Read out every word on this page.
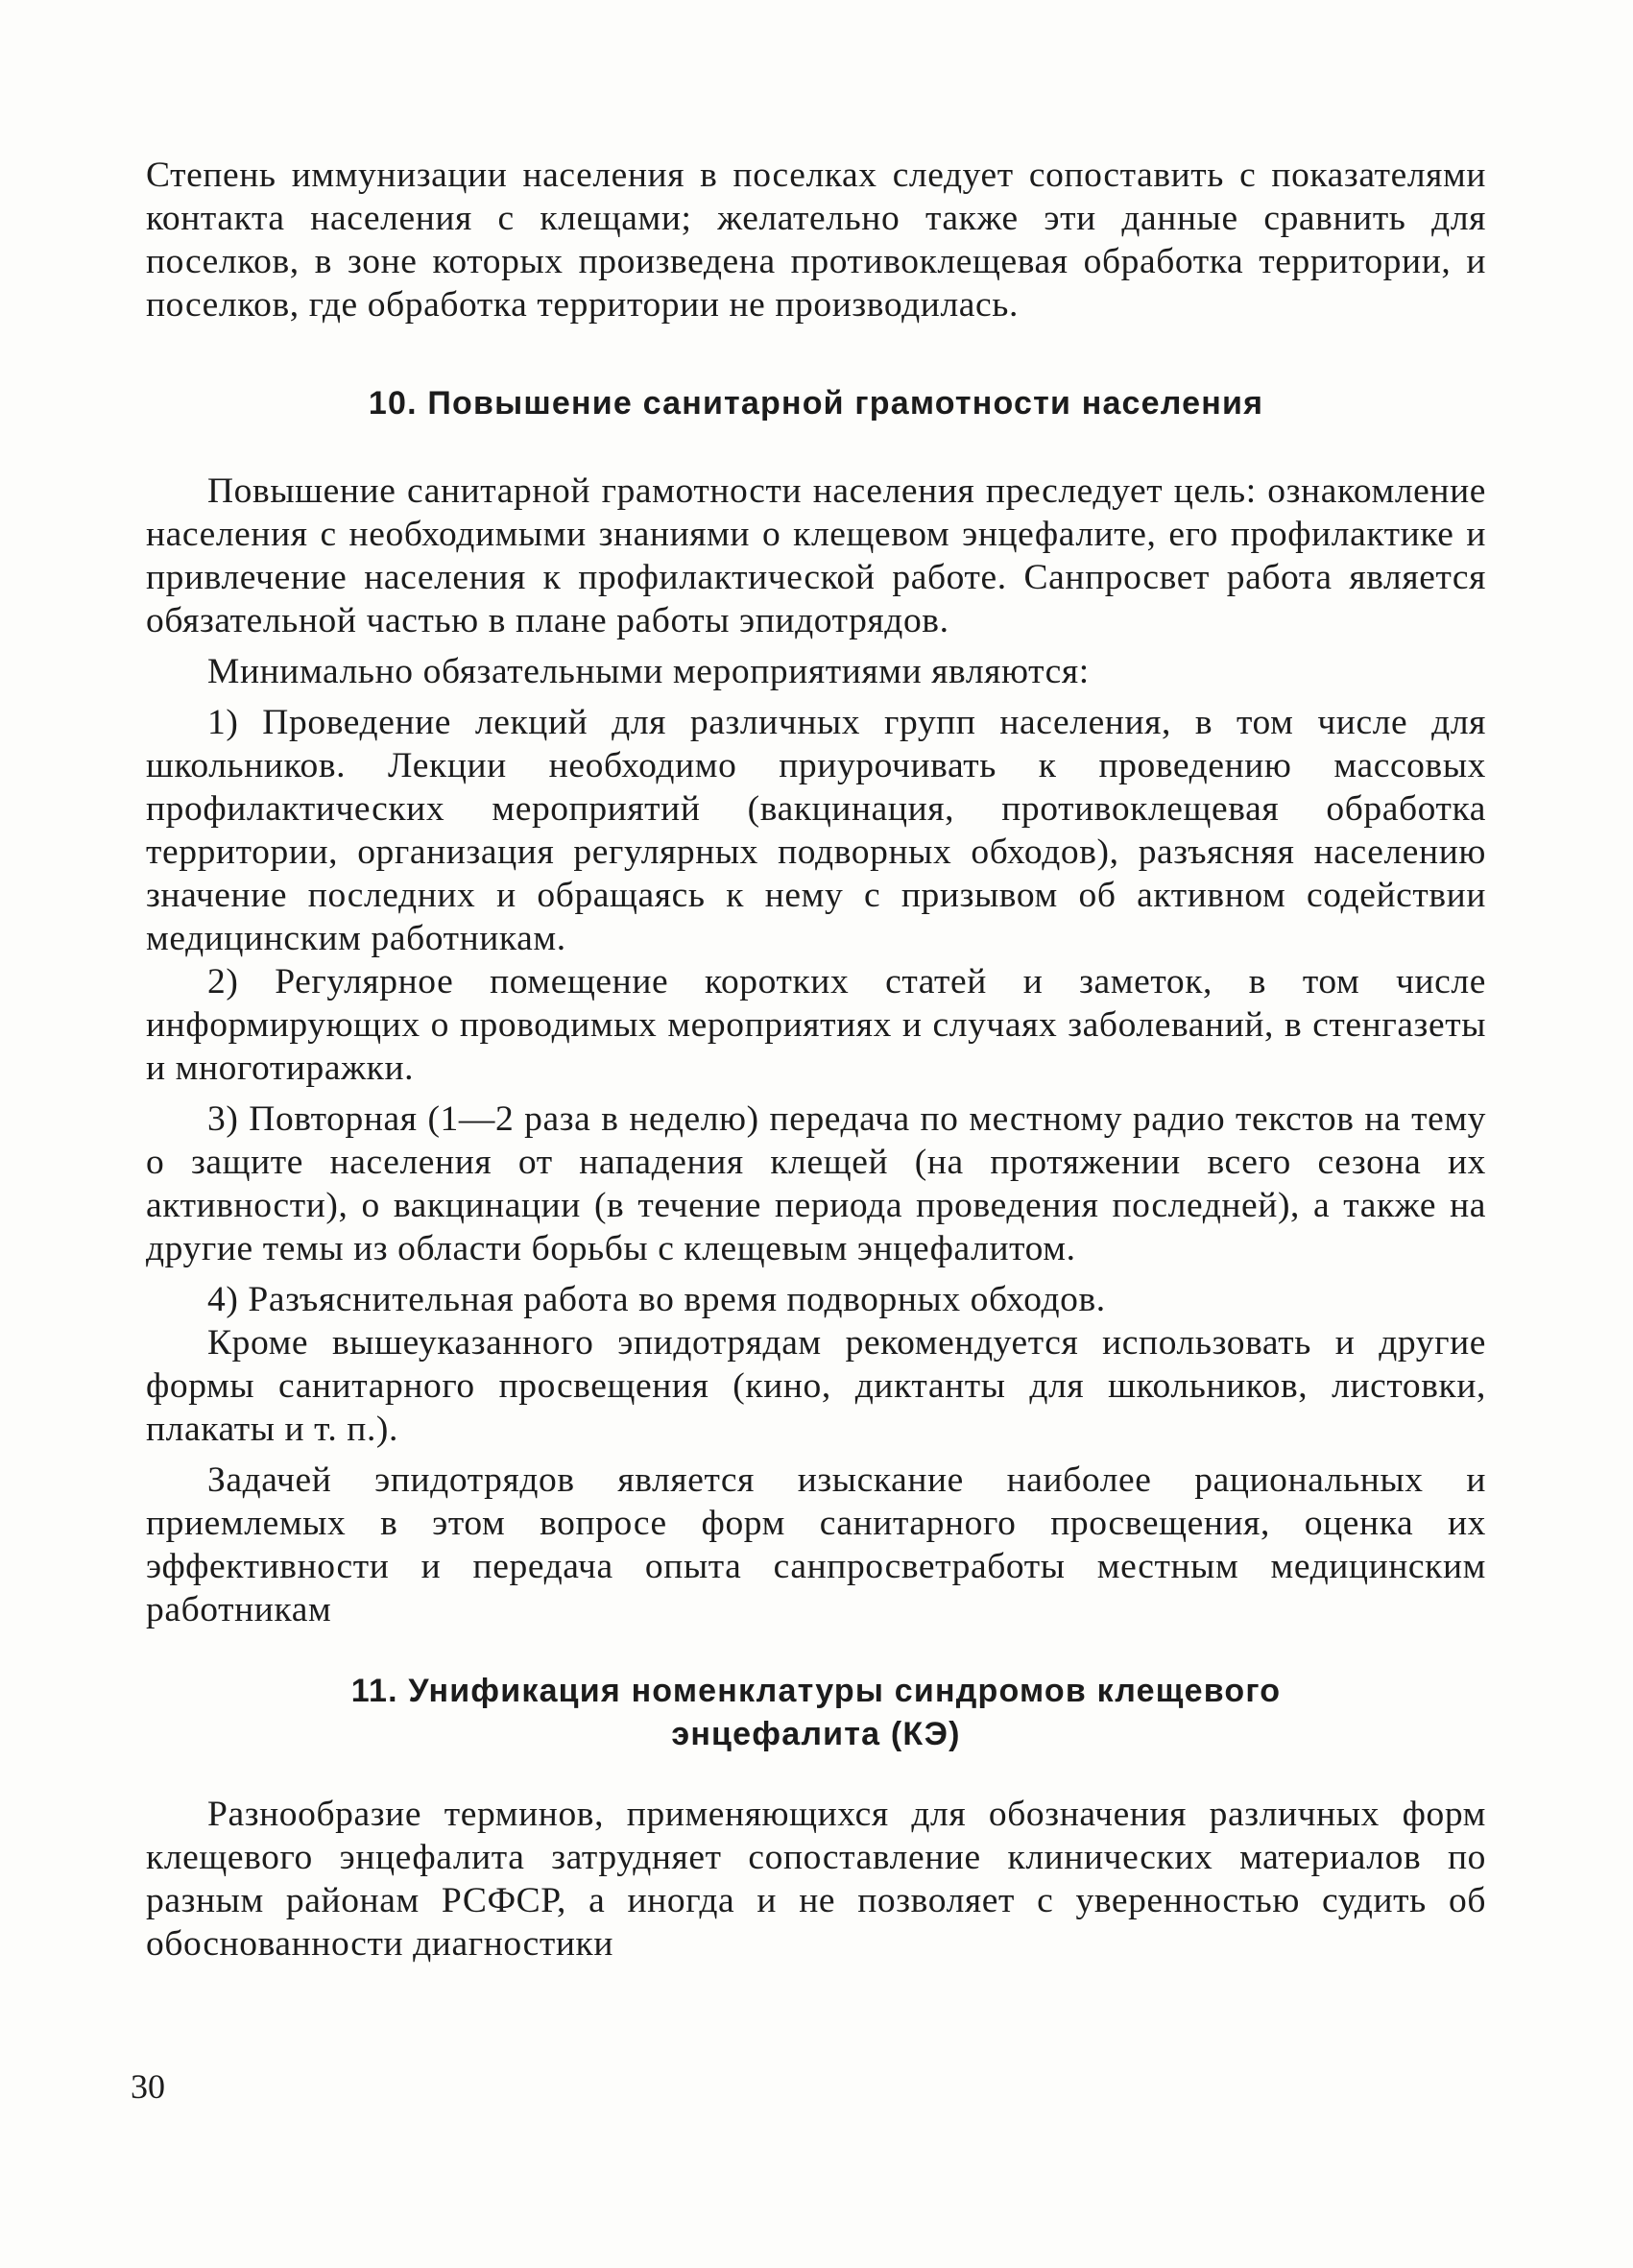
Степень иммунизации населения в поселках следует сопоставить с показателями контакта населения с клещами; желательно также эти данные сравнить для поселков, в зоне которых произведена противоклещевая обработка территории, и поселков, где обработка территории не производилась.

10. Повышение санитарной грамотности населения

Повышение санитарной грамотности населения преследует цель: ознакомление населения с необходимыми знаниями о клещевом энцефалите, его профилактике и привлечение населения к профилактической работе. Санпросвет работа является обязательной частью в плане работы эпидотрядов.

Минимально обязательными мероприятиями являются:

1) Проведение лекций для различных групп населения, в том числе для школьников. Лекции необходимо приурочивать к проведению массовых профилактических мероприятий (вакцинация, противоклещевая обработка территории, организация регулярных подворных обходов), разъясняя населению значение последних и обращаясь к нему с призывом об активном содействии медицинским работникам.

2) Регулярное помещение коротких статей и заметок, в том числе информирующих о проводимых мероприятиях и случаях заболеваний, в стенгазеты и многотиражки.

3) Повторная (1—2 раза в неделю) передача по местному радио текстов на тему о защите населения от нападения клещей (на протяжении всего сезона их активности), о вакцинации (в течение периода проведения последней), а также на другие темы из области борьбы с клещевым энцефалитом.

4) Разъяснительная работа во время подворных обходов.

Кроме вышеуказанного эпидотрядам рекомендуется использовать и другие формы санитарного просвещения (кино, диктанты для школьников, листовки, плакаты и т. п.).

Задачей эпидотрядов является изыскание наиболее рациональных и приемлемых в этом вопросе форм санитарного просвещения, оценка их эффективности и передача опыта санпросветработы местным медицинским работникам

11. Унификация номенклатуры синдромов клещевого энцефалита (КЭ)

Разнообразие терминов, применяющихся для обозначения различных форм клещевого энцефалита затрудняет сопоставление клинических материалов по разным районам РСФСР, а иногда и не позволяет с уверенностью судить об обоснованности диагностики

30
